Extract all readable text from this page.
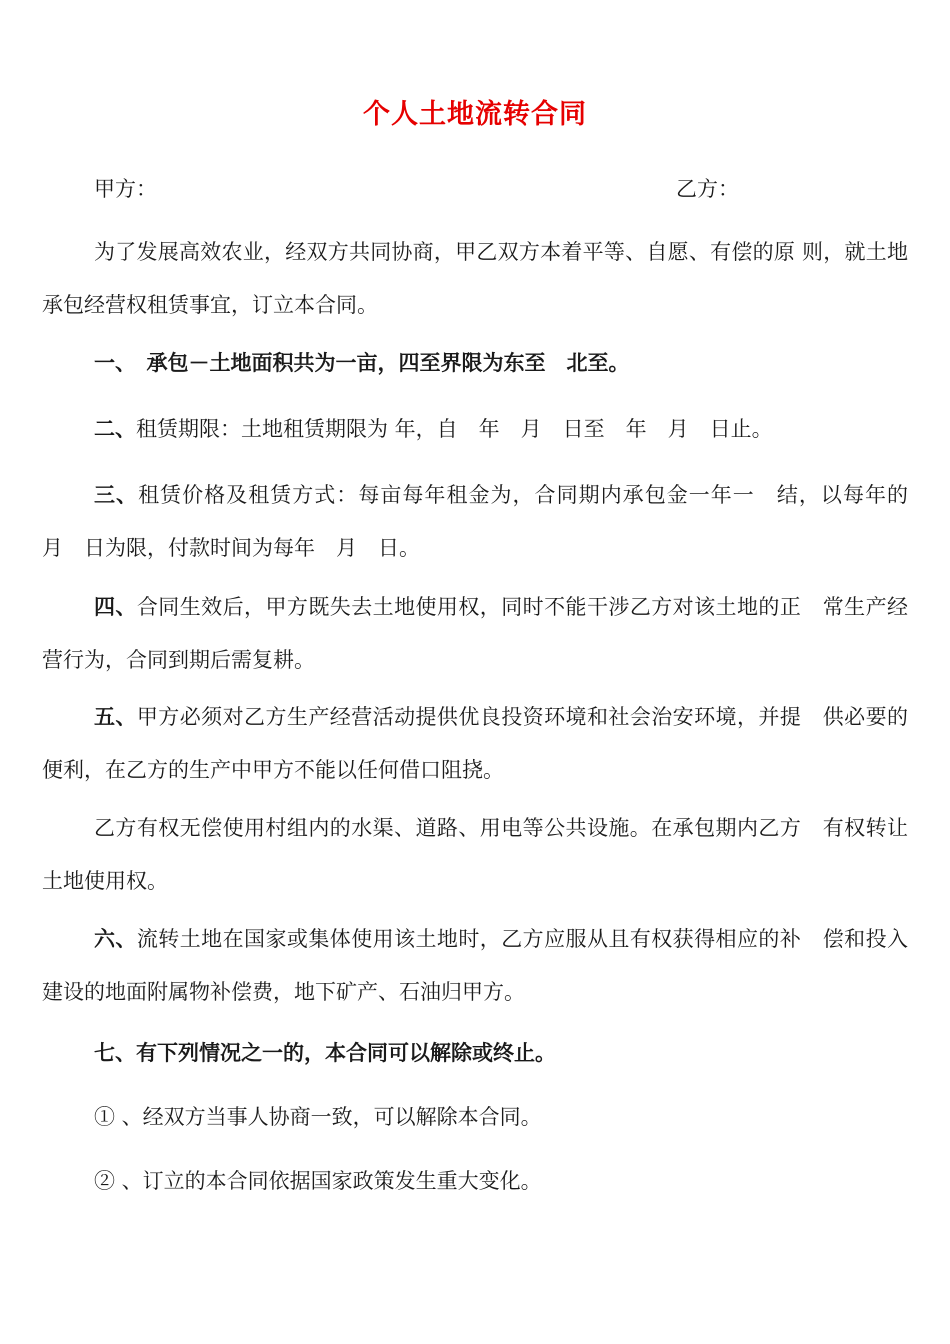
个人土地流转合同
甲方：	乙方：
为了发展高效农业，经双方共同协商，甲乙双方本着平等、自愿、有偿的原 则，就土地承包经营权租赁事宜，订立本合同。
一、　承包－土地面积共为一亩，四至界限为东至　北至。
二、租赁期限：土地租赁期限为 年，自　年　月　日至　年　月　日止。
三、租赁价格及租赁方式：每亩每年租金为，合同期内承包金一年一　结，以每年的　月　日为限，付款时间为每年　月　日。
四、合同生效后，甲方既失去土地使用权，同时不能干涉乙方对该土地的正　常生产经营行为，合同到期后需复耕。
五、甲方必须对乙方生产经营活动提供优良投资环境和社会治安环境，并提　供必要的便利，在乙方的生产中甲方不能以任何借口阻挠。
乙方有权无偿使用村组内的水渠、道路、用电等公共设施。在承包期内乙方　有权转让土地使用权。
六、流转土地在国家或集体使用该土地时，乙方应服从且有权获得相应的补　偿和投入建设的地面附属物补偿费，地下矿产、石油归甲方。
七、有下列情况之一的，本合同可以解除或终止。
① 、经双方当事人协商一致，可以解除本合同。
② 、订立的本合同依据国家政策发生重大变化。
